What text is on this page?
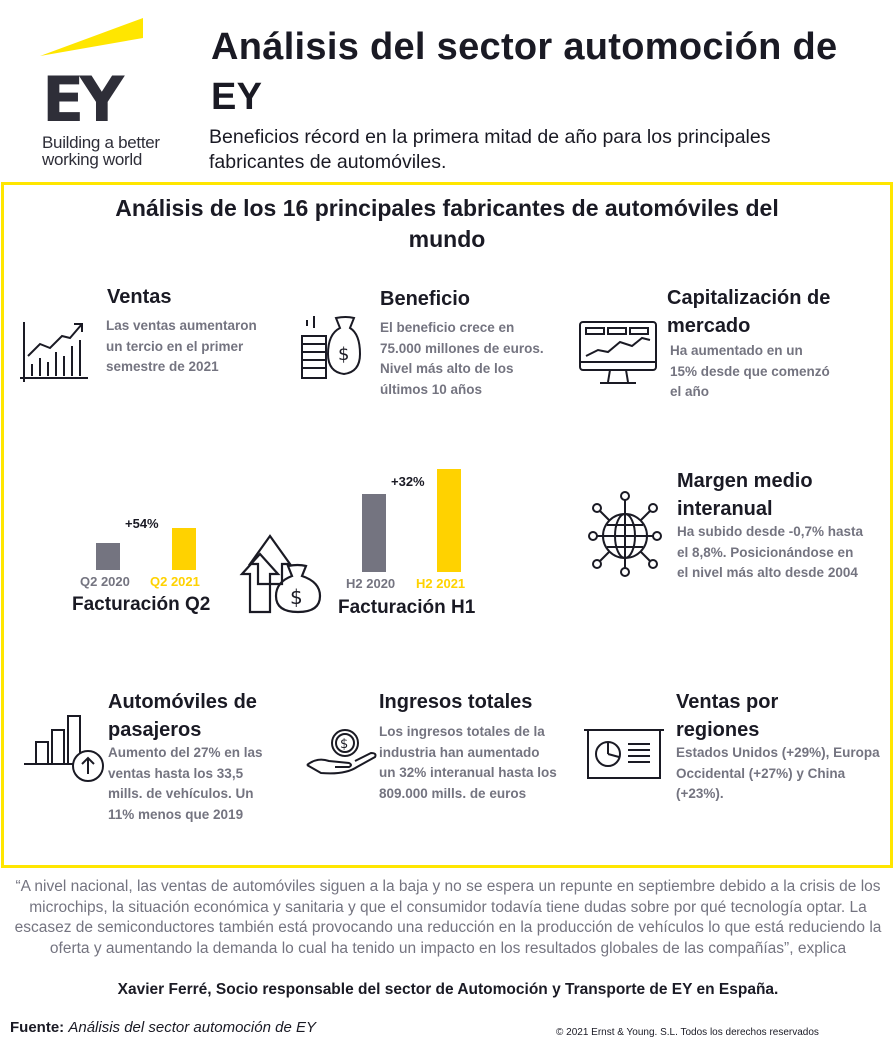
EY
Building a better
working world
Análisis del sector automoción de EY
Beneficios récord en la primera mitad de año para los principales fabricantes de automóviles.
Análisis de los 16 principales fabricantes de automóviles del mundo
Ventas
Las ventas aumentaron un tercio en el primer semestre de 2021
$
Beneficio
El beneficio crece en 75.000 millones de euros. Nivel más alto de los últimos 10 años
Capitalización de mercado
Ha aumentado en un 15% desde que comenzó el año
+54%
Q2 2020 Q2 2021
Facturación Q2	$
+32%
H2 2020 H2 2021
Facturación H1
Margen medio interanual
Ha subido desde -0,7% hasta el 8,8%. Posicionándose en el nivel más alto desde 2004
Automóviles de pasajeros
Aumento del 27% en las ventas hasta los 33,5 mills. de vehículos. Un 11% menos que 2019
$
Ingresos totales
Los ingresos totales de la industria han aumentado un 32% interanual hasta los 809.000 mills. de euros
Ventas por regiones
Estados Unidos (+29%), Europa Occidental (+27%) y China (+23%).
“A nivel nacional, las ventas de automóviles siguen a la baja y no se espera un repunte en septiembre debido a la crisis de los microchips, la situación económica y sanitaria y que el consumidor todavía tiene dudas sobre por qué tecnología optar. La escasez de semiconductores también está provocando una reducción en la producción de vehículos lo que está reduciendo la oferta y aumentando la demanda lo cual ha tenido un impacto en los resultados globales de las compañías”, explica
Xavier Ferré, Socio responsable del sector de Automoción y Transporte de EY en España.
Fuente: Análisis del sector automoción de EY	© 2021 Ernst & Young. S.L. Todos los derechos reservados
